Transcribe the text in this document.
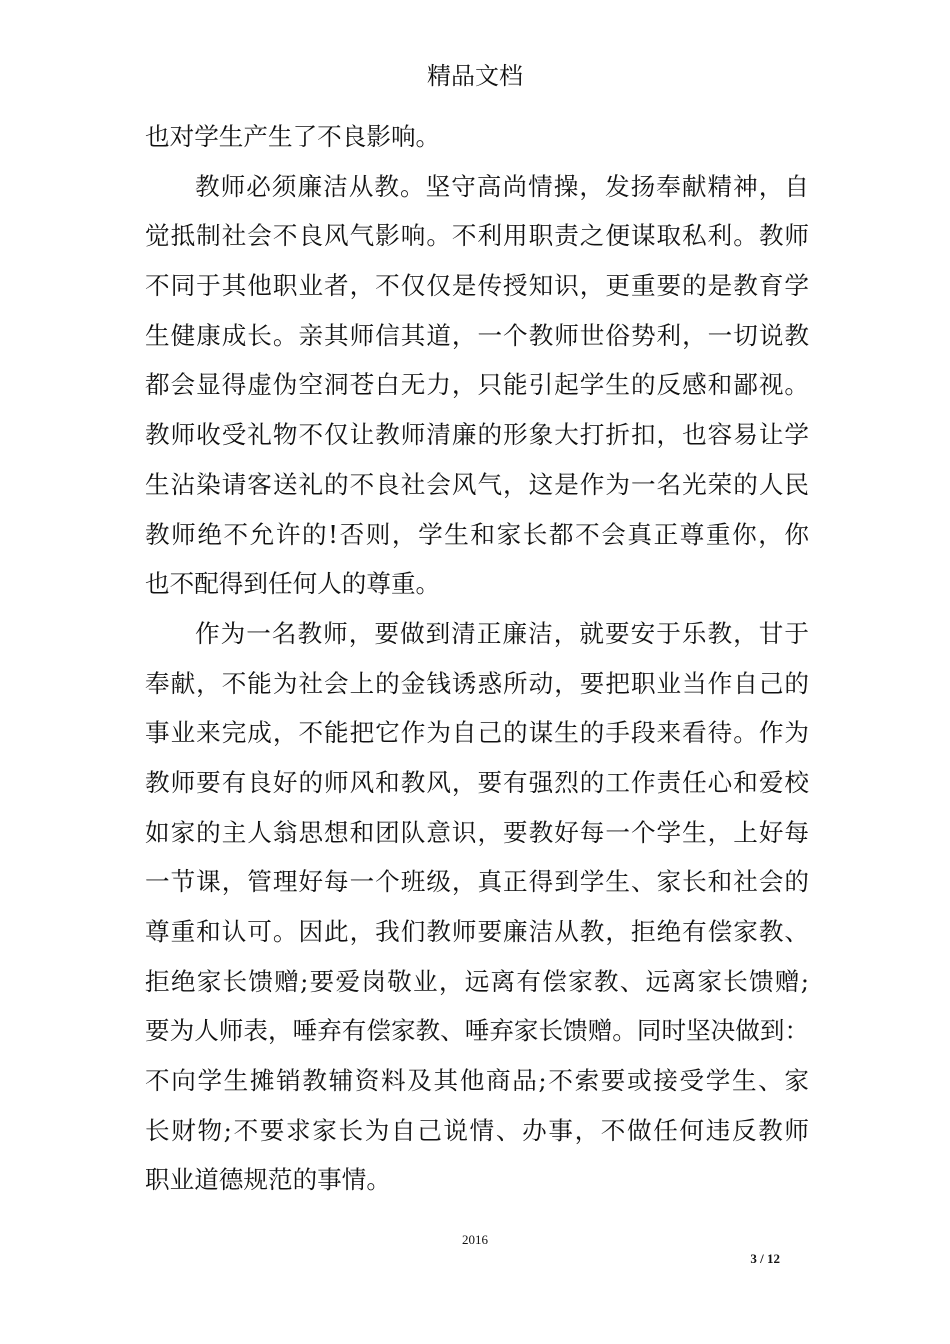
精品文档
也对学生产生了不良影响。
教师必须廉洁从教。坚守高尚情操，发扬奉献精神，自
觉抵制社会不良风气影响。不利用职责之便谋取私利。教师
不同于其他职业者，不仅仅是传授知识，更重要的是教育学
生健康成长。亲其师信其道，一个教师世俗势利，一切说教
都会显得虚伪空洞苍白无力，只能引起学生的反感和鄙视。
教师收受礼物不仅让教师清廉的形象大打折扣，也容易让学
生沾染请客送礼的不良社会风气，这是作为一名光荣的人民
教师绝不允许的!否则，学生和家长都不会真正尊重你，你
也不配得到任何人的尊重。
作为一名教师，要做到清正廉洁，就要安于乐教，甘于
奉献，不能为社会上的金钱诱惑所动，要把职业当作自己的
事业来完成，不能把它作为自己的谋生的手段来看待。作为
教师要有良好的师风和教风，要有强烈的工作责任心和爱校
如家的主人翁思想和团队意识，要教好每一个学生，上好每
一节课，管理好每一个班级，真正得到学生、家长和社会的
尊重和认可。因此，我们教师要廉洁从教，拒绝有偿家教、
拒绝家长馈赠;要爱岗敬业，远离有偿家教、远离家长馈赠;
要为人师表，唾弃有偿家教、唾弃家长馈赠。同时坚决做到：
不向学生摊销教辅资料及其他商品;不索要或接受学生、家
长财物;不要求家长为自己说情、办事，不做任何违反教师
职业道德规范的事情。
2016
3 / 12
